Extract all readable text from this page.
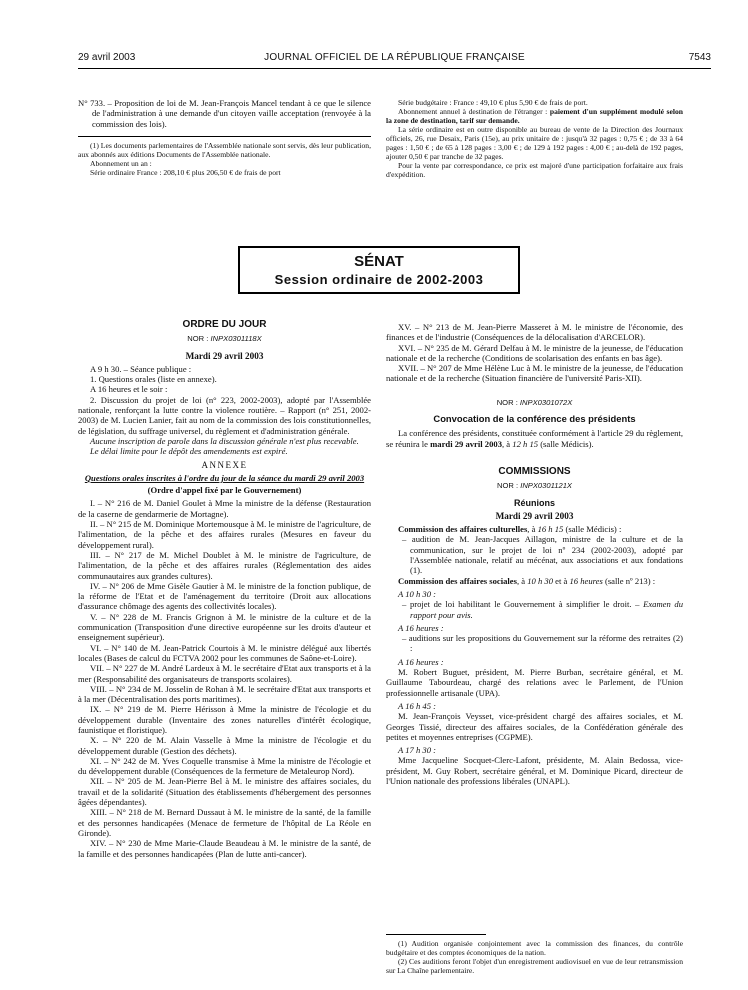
29 avril 2003	JOURNAL OFFICIEL DE LA RÉPUBLIQUE FRANÇAISE	7543

N° 733. – Proposition de loi de M. Jean-François Mancel tendant à ce que le silence de l'administration à une demande d'un citoyen vaille acceptation (renvoyée à la commission des lois).

(1) Les documents parlementaires de l'Assemblée nationale sont servis, dès leur publication, aux abonnés aux éditions Documents de l'Assemblée nationale.

Abonnement un an :

Série ordinaire France : 208,10 € plus 206,50 € de frais de port

Série budgétaire : France : 49,10 € plus 5,90 € de frais de port.

Abonnement annuel à destination de l'étranger : paiement d'un supplément modulé selon la zone de destination, tarif sur demande.

La série ordinaire est en outre disponible au bureau de vente de la Direction des Journaux officiels, 26, rue Desaix, Paris (15e), au prix unitaire de : jusqu'à 32 pages : 0,75 € ; de 33 à 64 pages : 1,50 € ; de 65 à 128 pages : 3,00 € ; de 129 à 192 pages : 4,00 € ; au-delà de 192 pages, ajouter 0,50 € par tranche de 32 pages.

Pour la vente par correspondance, ce prix est majoré d'une participation forfaitaire aux frais d'expédition.

SÉNAT
Session ordinaire de 2002-2003
ORDRE DU JOUR
NOR : INPX0301118X
Mardi 29 avril 2003

A 9 h 30. – Séance publique :

1. Questions orales (liste en annexe).

A 16 heures et le soir :

2. Discussion du projet de loi (n° 223, 2002-2003), adopté par l'Assemblée nationale, renforçant la lutte contre la violence routière. – Rapport (n° 251, 2002-2003) de M. Lucien Lanier, fait au nom de la commission des lois constitutionnelles, de législation, du suffrage universel, du règlement et d'administration générale.

Aucune inscription de parole dans la discussion générale n'est plus recevable.

Le délai limite pour le dépôt des amendements est expiré.

ANNEXE
Questions orales inscrites à l'ordre du jour de la séance du mardi 29 avril 2003
(Ordre d'appel fixé par le Gouvernement)

I. – N° 216 de M. Daniel Goulet à Mme la ministre de la défense (Restauration de la caserne de gendarmerie de Mortagne).

II. – N° 215 de M. Dominique Mortemousque à M. le ministre de l'agriculture, de l'alimentation, de la pêche et des affaires rurales (Mesures en faveur du développement rural).

III. – N° 217 de M. Michel Doublet à M. le ministre de l'agriculture, de l'alimentation, de la pêche et des affaires rurales (Réglementation des aides communautaires aux grandes cultures).

IV. – N° 206 de Mme Gisèle Gautier à M. le ministre de la fonction publique, de la réforme de l'Etat et de l'aménagement du territoire (Droit aux allocations d'assurance chômage des agents des collectivités locales).

V. – N° 228 de M. Francis Grignon à M. le ministre de la culture et de la communication (Transposition d'une directive européenne sur les droits d'auteur et enseignement supérieur).

VI. – N° 140 de M. Jean-Patrick Courtois à M. le ministre délégué aux libertés locales (Bases de calcul du FCTVA 2002 pour les communes de Saône-et-Loire).

VII. – N° 227 de M. André Lardeux à M. le secrétaire d'Etat aux transports et à la mer (Responsabilité des organisateurs de transports scolaires).

VIII. – N° 234 de M. Josselin de Rohan à M. le secrétaire d'Etat aux transports et à la mer (Décentralisation des ports maritimes).

IX. – N° 219 de M. Pierre Hérisson à Mme la ministre de l'écologie et du développement durable (Inventaire des zones naturelles d'intérêt écologique, faunistique et floristique).

X. – N° 220 de M. Alain Vasselle à Mme la ministre de l'écologie et du développement durable (Gestion des déchets).

XI. – N° 242 de M. Yves Coquelle transmise à Mme la ministre de l'écologie et du développement durable (Conséquences de la fermeture de Metaleurop Nord).

XII. – N° 205 de M. Jean-Pierre Bel à M. le ministre des affaires sociales, du travail et de la solidarité (Situation des établissements d'hébergement des personnes âgées dépendantes).

XIII. – N° 218 de M. Bernard Dussaut à M. le ministre de la santé, de la famille et des personnes handicapées (Menace de fermeture de l'hôpital de La Réole en Gironde).

XIV. – N° 230 de Mme Marie-Claude Beaudeau à M. le ministre de la santé, de la famille et des personnes handicapées (Plan de lutte anti-cancer).

XV. – N° 213 de M. Jean-Pierre Masseret à M. le ministre de l'économie, des finances et de l'industrie (Conséquences de la délocalisation d'ARCELOR).

XVI. – N° 235 de M. Gérard Delfau à M. le ministre de la jeunesse, de l'éducation nationale et de la recherche (Conditions de scolarisation des enfants en bas âge).

XVII. – N° 207 de Mme Hélène Luc à M. le ministre de la jeunesse, de l'éducation nationale et de la recherche (Situation financière de l'université Paris-XII).

NOR : INPX0301072X
Convocation de la conférence des présidents

La conférence des présidents, constituée conformément à l'article 29 du règlement, se réunira le mardi 29 avril 2003, à 12 h 15 (salle Médicis).

COMMISSIONS
NOR : INPX0301121X
Réunions
Mardi 29 avril 2003

Commission des affaires culturelles, à 16 h 15 (salle Médicis) :

– audition de M. Jean-Jacques Aillagon, ministre de la culture et de la communication, sur le projet de loi nº 234 (2002-2003), adopté par l'Assemblée nationale, relatif au mécénat, aux associations et aux fondations (1).

Commission des affaires sociales, à 10 h 30 et à 16 heures (salle nº 213) :

A 10 h 30 :

– projet de loi habilitant le Gouvernement à simplifier le droit. – Examen du rapport pour avis.

A 16 heures :

– auditions sur les propositions du Gouvernement sur la réforme des retraites (2) :

A 16 heures :

M. Robert Buguet, président, M. Pierre Burban, secrétaire général, et M. Guillaume Tabourdeau, chargé des relations avec le Parlement, de l'Union professionnelle artisanale (UPA).

A 16 h 45 :

M. Jean-François Veysset, vice-président chargé des affaires sociales, et M. Georges Tissié, directeur des affaires sociales, de la Confédération générale des petites et moyennes entreprises (CGPME).

A 17 h 30 :

Mme Jacqueline Socquet-Clerc-Lafont, présidente, M. Alain Bedossa, vice-président, M. Guy Robert, secrétaire général, et M. Dominique Picard, directeur de l'Union nationale des professions libérales (UNAPL).

(1) Audition organisée conjointement avec la commission des finances, du contrôle budgétaire et des comptes économiques de la nation.

(2) Ces auditions feront l'objet d'un enregistrement audiovisuel en vue de leur retransmission sur La Chaîne parlementaire.
